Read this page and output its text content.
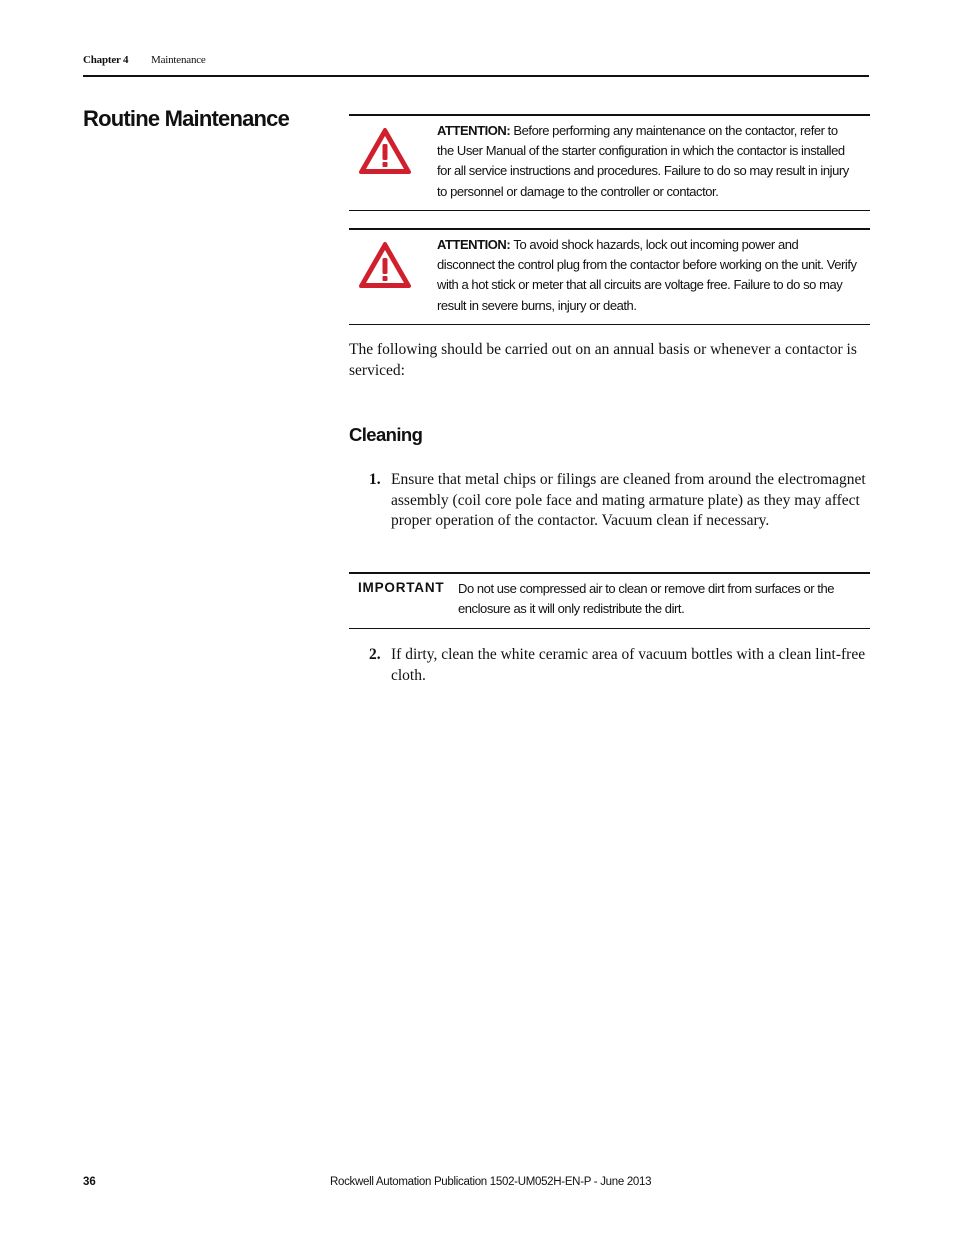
Chapter 4 Maintenance
Routine Maintenance	ATTENTION: Before performing any maintenance on the contactor, refer to the User Manual of the starter configuration in which the contactor is installed for all service instructions and procedures. Failure to do so may result in injury to personnel or damage to the controller or contactor.
ATTENTION: To avoid shock hazards, lock out incoming power and disconnect the control plug from the contactor before working on the unit. Verify with a hot stick or meter that all circuits are voltage free. Failure to do so may result in severe burns, injury or death.

The following should be carried out on an annual basis or whenever a contactor is serviced:

Cleaning
1. Ensure that metal chips or filings are cleaned from around the electromagnet assembly (coil core pole face and mating armature plate) as they may affect proper operation of the contactor. Vacuum clean if necessary.
IMPORTANT Do not use compressed air to clean or remove dirt from surfaces or the enclosure as it will only redistribute the dirt.
2. If dirty, clean the white ceramic area of vacuum bottles with a clean lint-free cloth.
36	Rockwell Automation Publication 1502-UM052H-EN-P - June 2013
